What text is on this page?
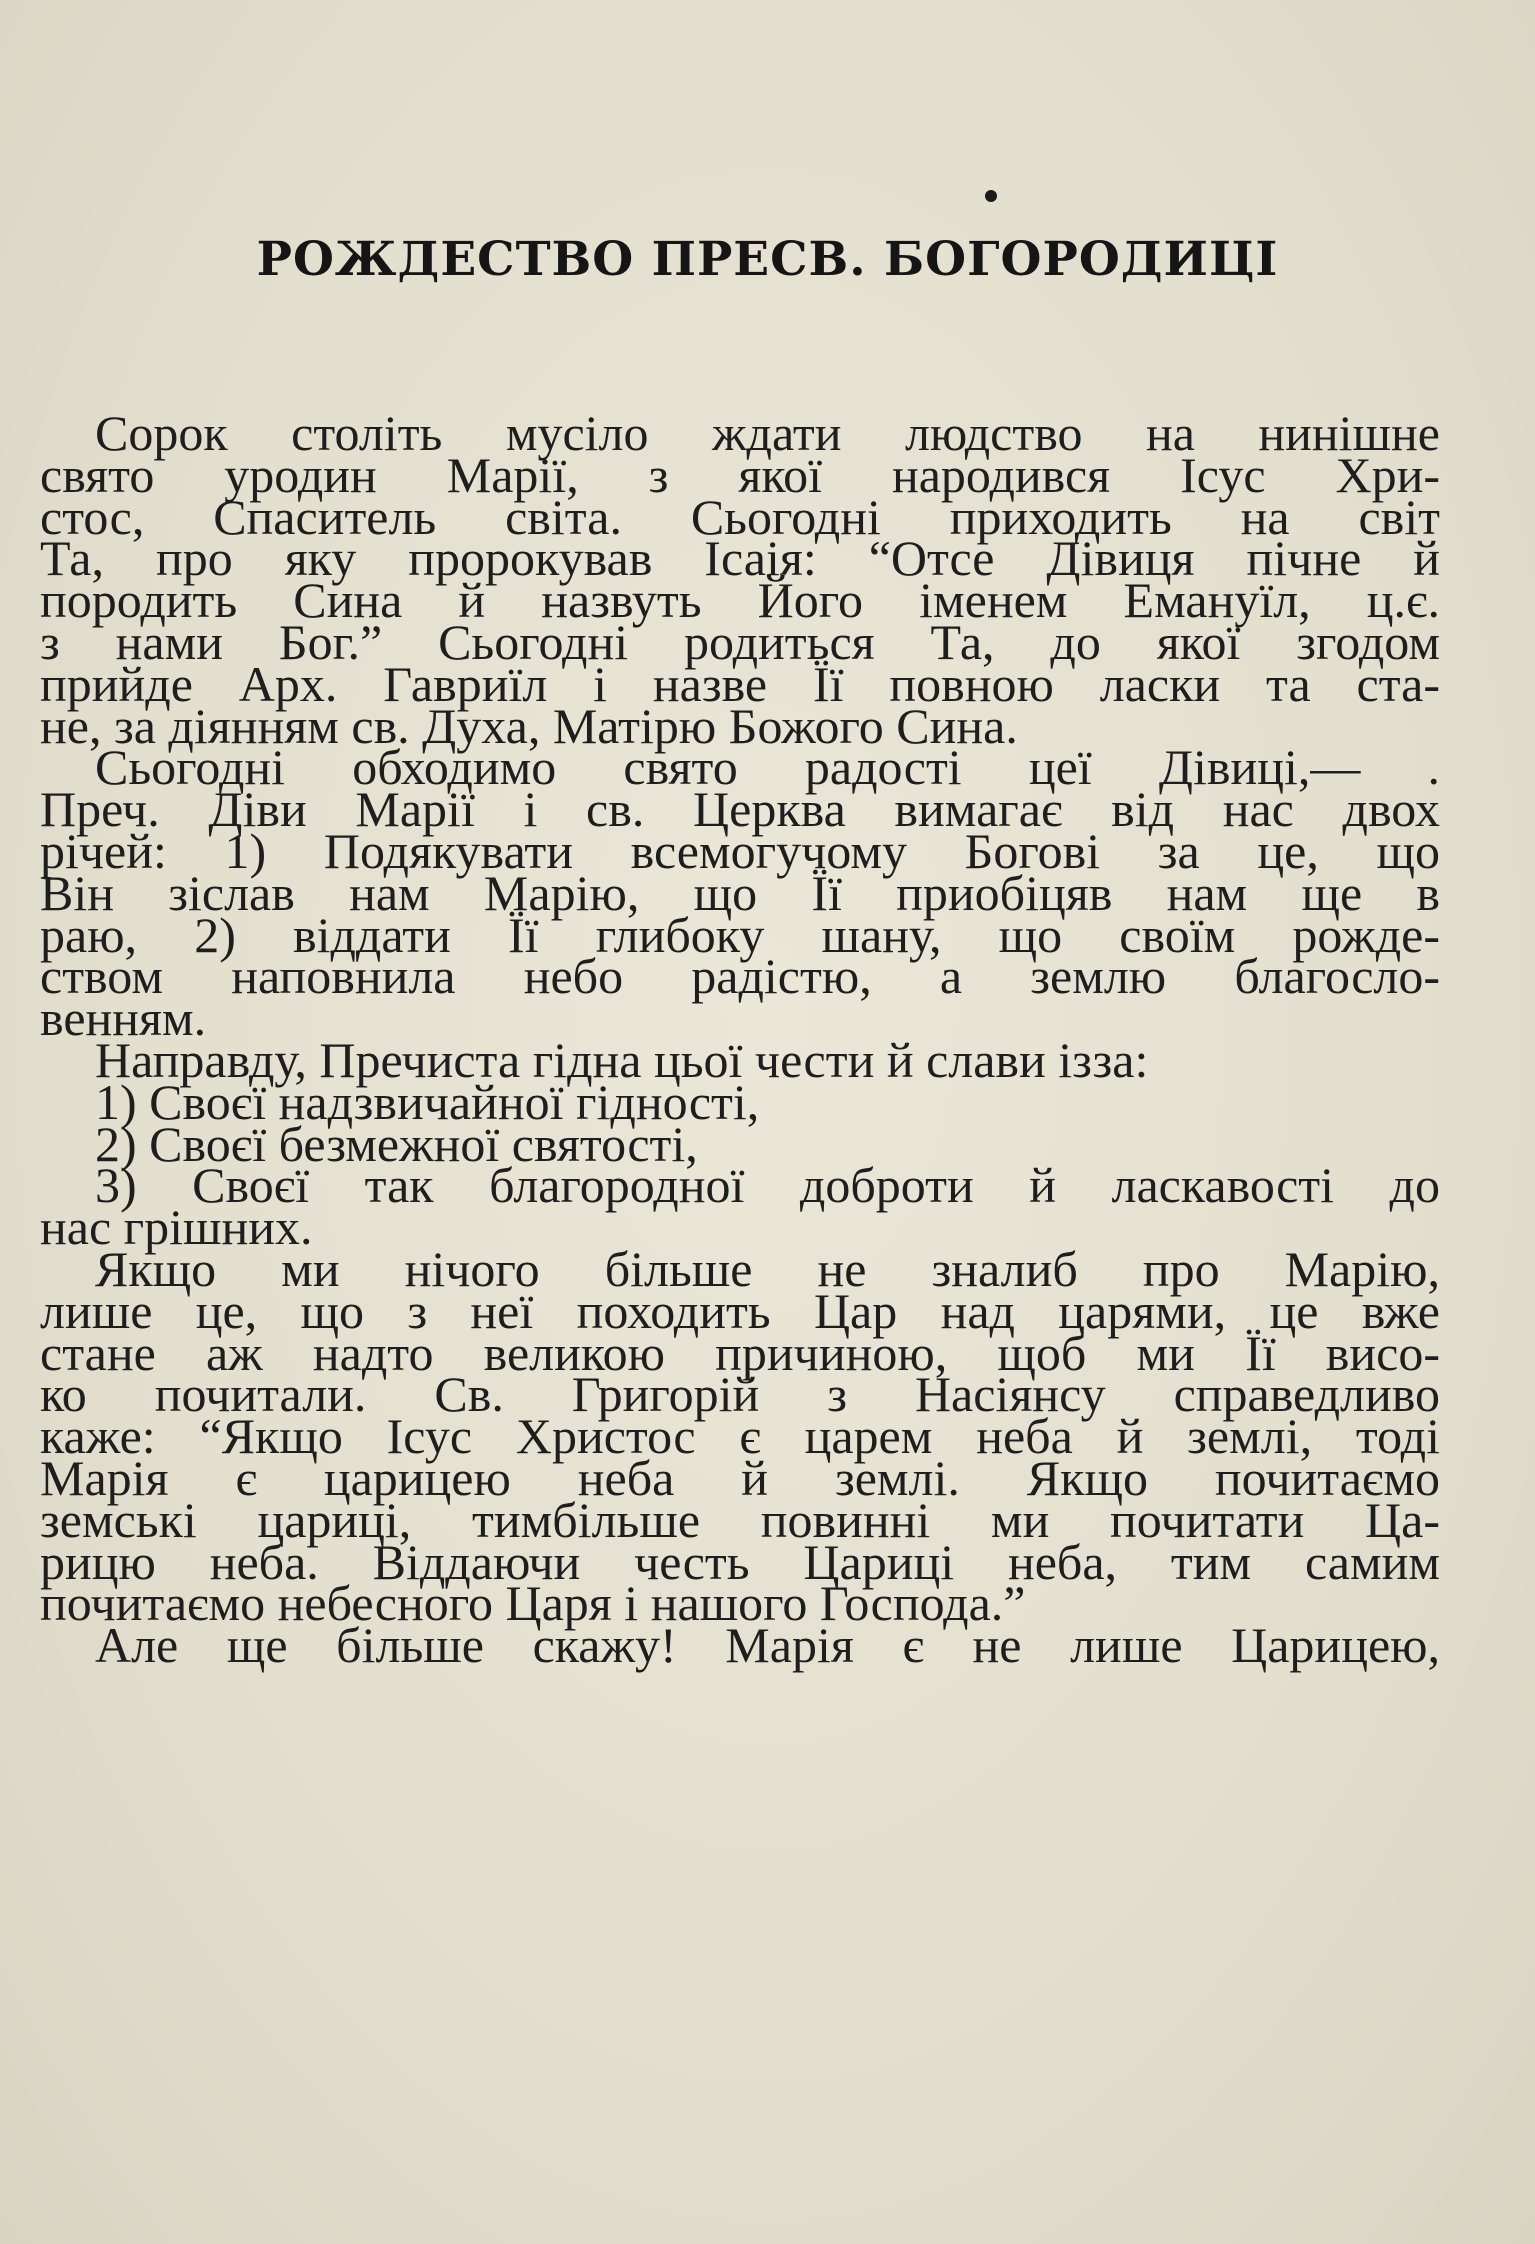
РОЖДЕСТВО ПРЕСВ. БОГОРОДИЦІ
Сорок століть мусіло ждати людство на нинішне
свято уродин Марії, з якої народився Ісус Хри-
стос, Спаситель світа. Сьогодні приходить на світ
Та, про яку пророкував Ісаія: “Отсе Дівиця пічне й
породить Сина й назвуть Його іменем Емануїл, ц.є.
з нами Бог.” Сьогодні родиться Та, до якої згодом
прийде Арх. Гавриїл і назве Її повною ласки та ста-
не, за діянням св. Духа, Матірю Божого Сина.
Сьогодні обходимо свято радості цеї Дівиці,— .
Преч. Діви Марії і св. Церква вимагає від нас двох
річей: 1) Подякувати всемогучому Богові за це, що
Він зіслав нам Марію, що Її приобіцяв нам ще в
раю, 2) віддати Її глибоку шану, що своїм рожде-
ством наповнила небо радістю, а землю благосло-
венням.
Направду, Пречиста гідна цьої чести й слави ізза:
1) Своєї надзвичайної гідності,
2) Своєї безмежної святості,
3) Своєї так благородної доброти й ласкавості до
нас грішних.
Якщо ми нічого більше не зналиб про Марію,
лише це, що з неї походить Цар над царями, це вже
стане аж надто великою причиною, щоб ми Її висо-
ко почитали. Св. Григорій з Насіянсу справедливо
каже: “Якщо Ісус Христос є царем неба й землі, тоді
Марія є царицею неба й землі. Якщо почитаємо
земські цариці, тимбільше повинні ми почитати Ца-
рицю неба. Віддаючи честь Цариці неба, тим самим
почитаємо небесного Царя і нашого Господа.”
Але ще більше скажу! Марія є не лише Царицею,
